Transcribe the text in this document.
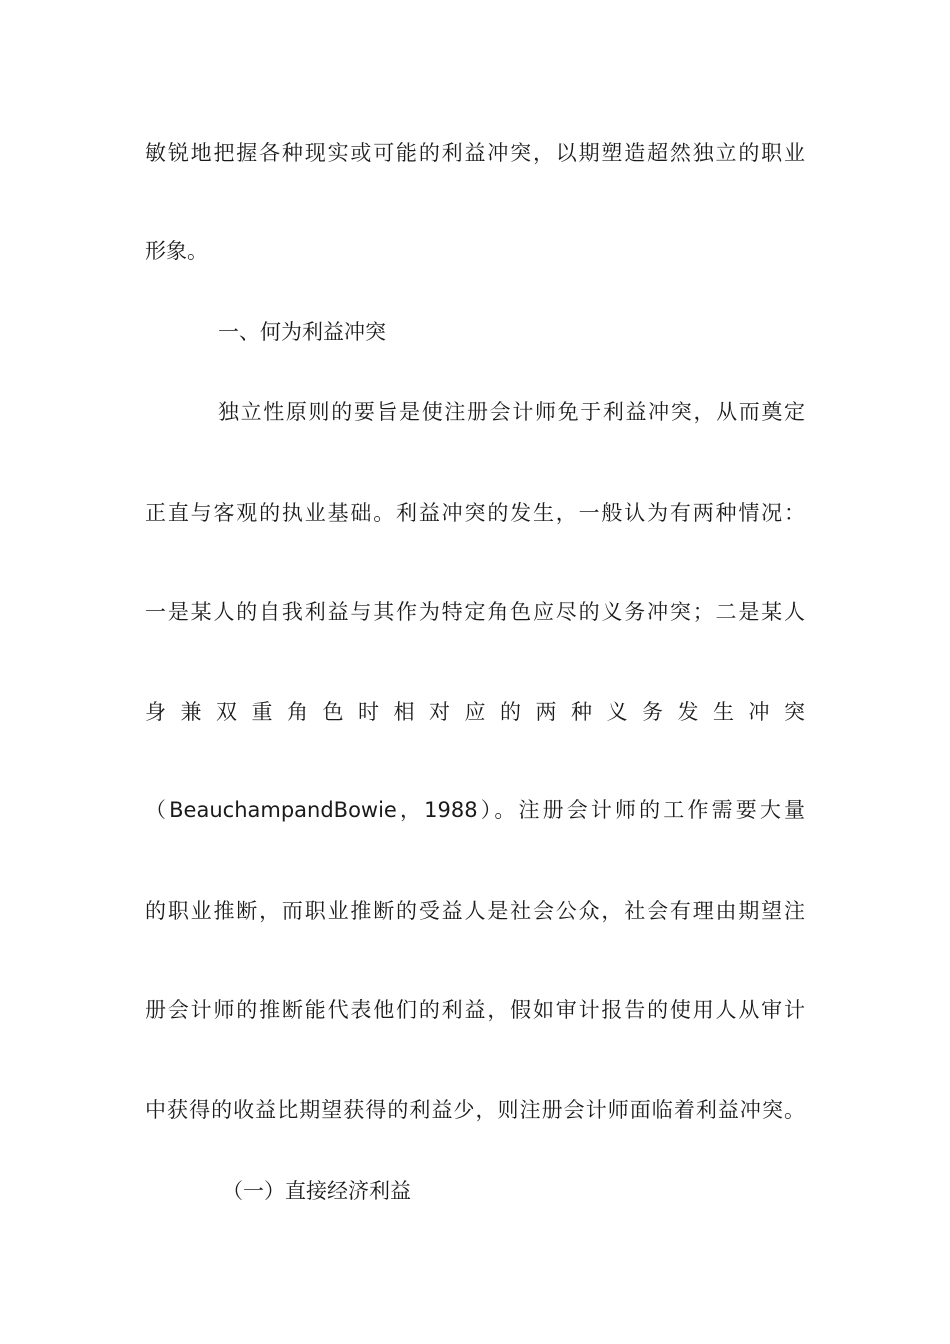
敏锐地把握各种现实或可能的利益冲突，以期塑造超然独立的职业
形象。
一、何为利益冲突
独立性原则的要旨是使注册会计师免于利益冲突，从而奠定
正直与客观的执业基础。利益冲突的发生，一般认为有两种情况：
一是某人的自我利益与其作为特定角色应尽的义务冲突；二是某人
身兼双重角色时相对应的两种义务发生冲突
（BeauchampandBowie，1988）。注册会计师的工作需要大量
的职业推断，而职业推断的受益人是社会公众，社会有理由期望注
册会计师的推断能代表他们的利益，假如审计报告的使用人从审计
中获得的收益比期望获得的利益少，则注册会计师面临着利益冲突。
（一）直接经济利益
